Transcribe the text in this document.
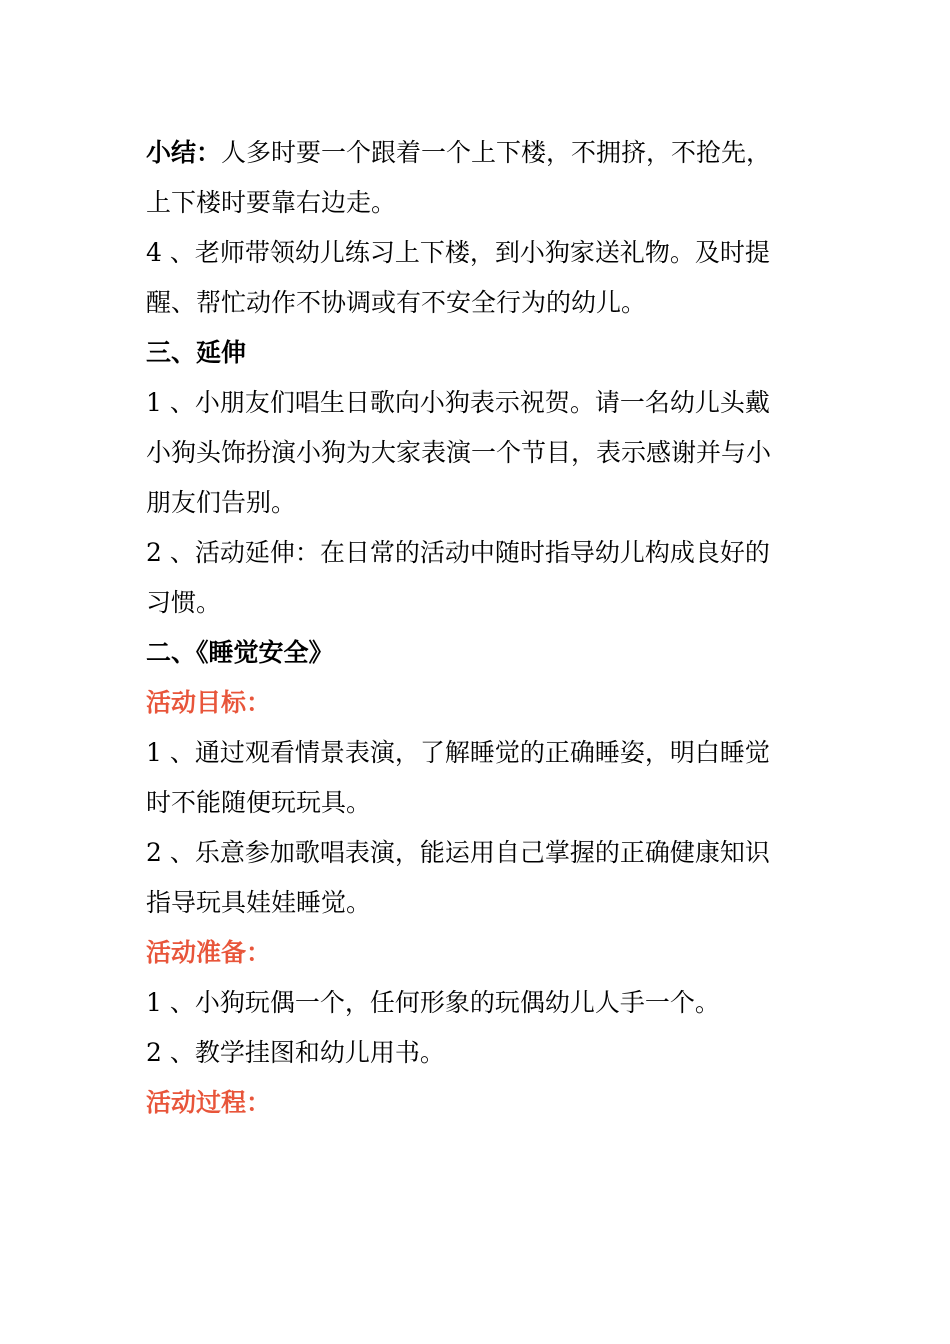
小结：人多时要一个跟着一个上下楼，不拥挤，不抢先，
上下楼时要靠右边走。
4 、老师带领幼儿练习上下楼，到小狗家送礼物。及时提
醒、帮忙动作不协调或有不安全行为的幼儿。
三、延伸
1 、小朋友们唱生日歌向小狗表示祝贺。请一名幼儿头戴
小狗头饰扮演小狗为大家表演一个节目，表示感谢并与小
朋友们告别。
2 、活动延伸：在日常的活动中随时指导幼儿构成良好的
习惯。
二、《睡觉安全》
活动目标：
1 、通过观看情景表演，了解睡觉的正确睡姿，明白睡觉
时不能随便玩玩具。
2 、乐意参加歌唱表演，能运用自己掌握的正确健康知识
指导玩具娃娃睡觉。
活动准备：
1 、小狗玩偶一个，任何形象的玩偶幼儿人手一个。
2 、教学挂图和幼儿用书。
活动过程：
